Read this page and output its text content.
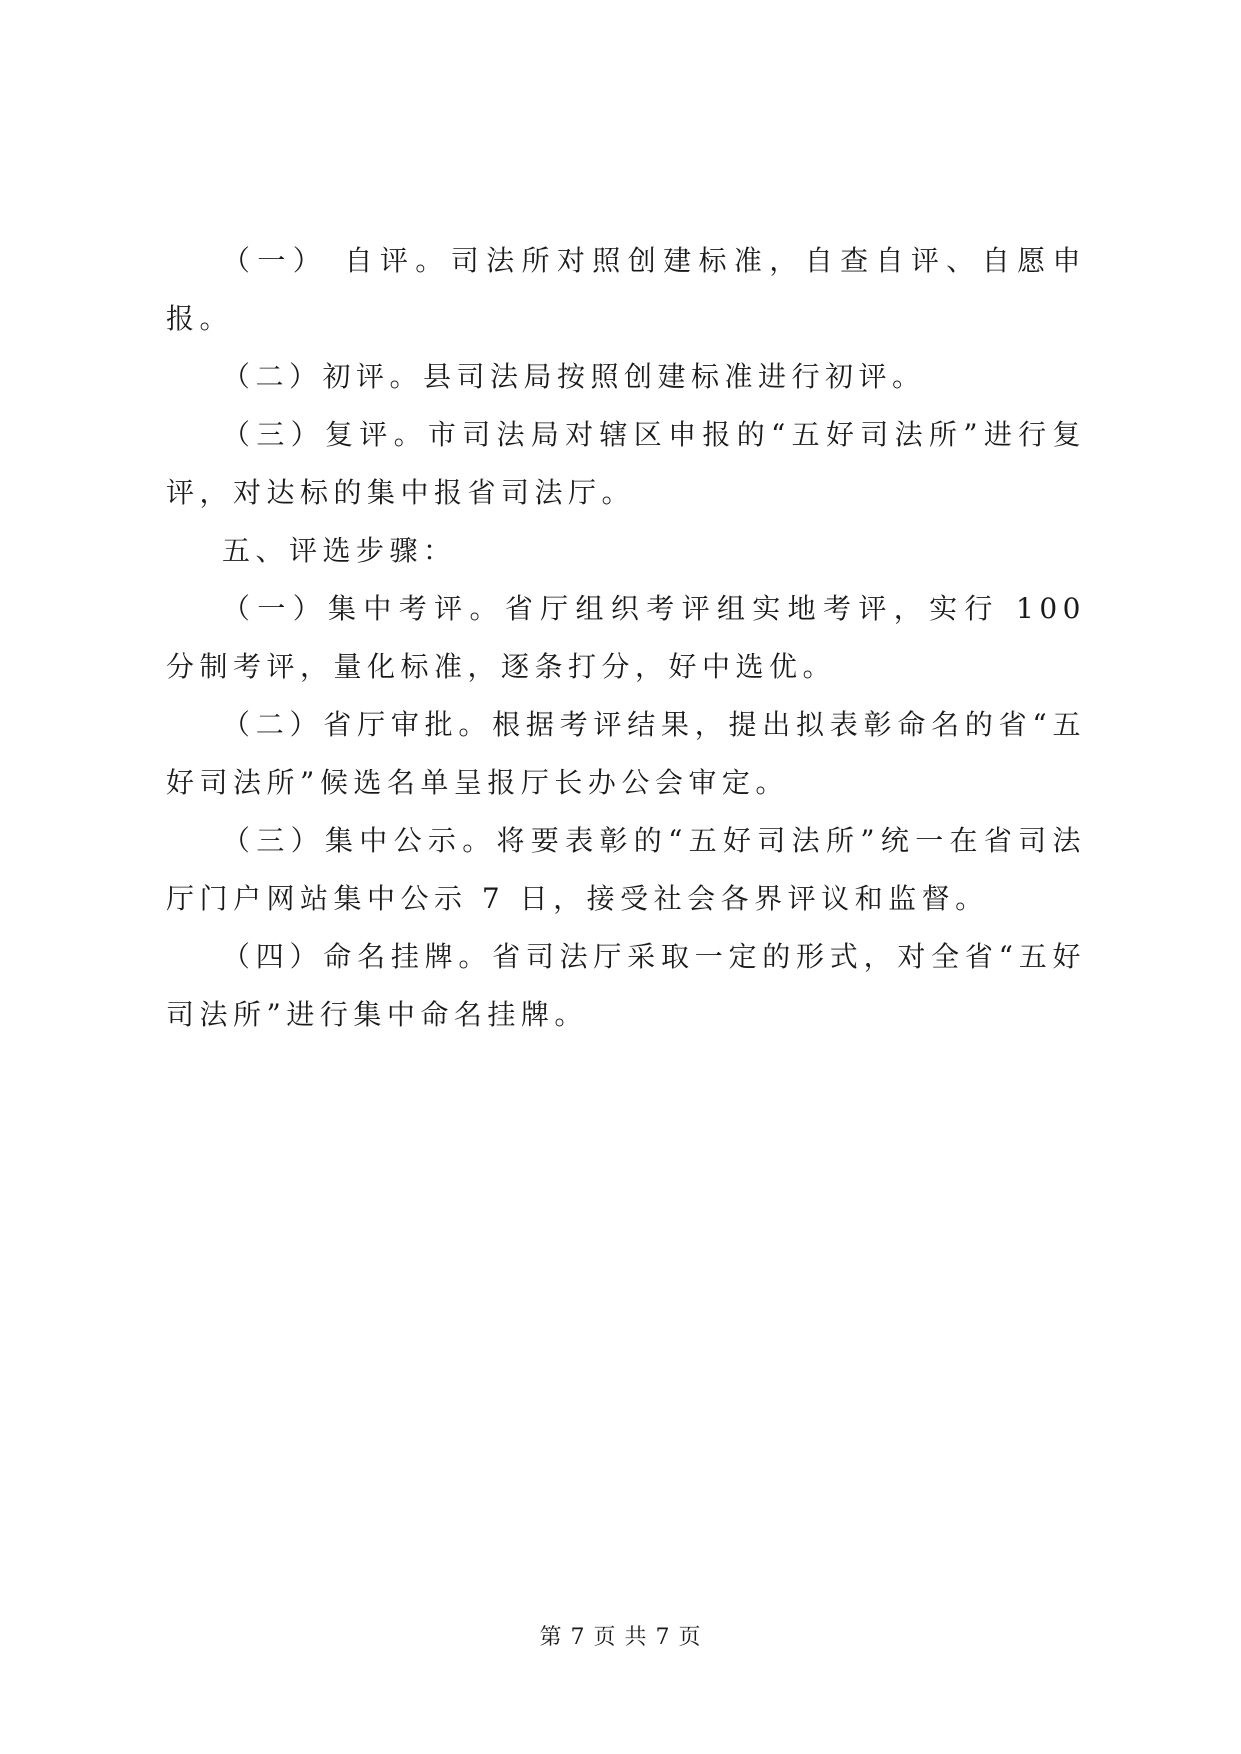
（一） 自评。司法所对照创建标准，自查自评、自愿申报。

（二）初评。县司法局按照创建标准进行初评。

（三）复评。市司法局对辖区申报的“五好司法所”进行复评，对达标的集中报省司法厅。

五、评选步骤：

（一）集中考评。省厅组织考评组实地考评，实行 100 分制考评，量化标准，逐条打分，好中选优。

（二）省厅审批。根据考评结果，提出拟表彰命名的省“五好司法所”候选名单呈报厅长办公会审定。

（三）集中公示。将要表彰的“五好司法所”统一在省司法厅门户网站集中公示 7 日，接受社会各界评议和监督。

（四）命名挂牌。省司法厅采取一定的形式，对全省“五好司法所”进行集中命名挂牌。

第 7 页 共 7 页
